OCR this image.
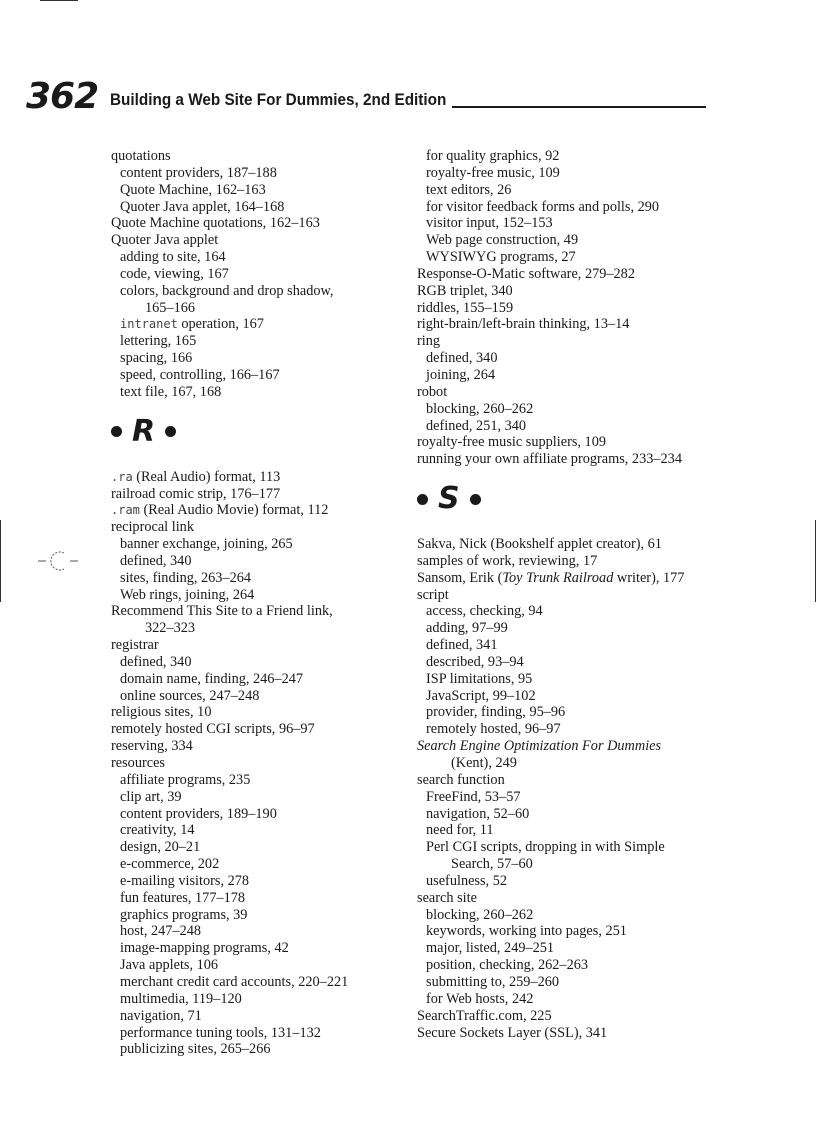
362 Building a Web Site For Dummies, 2nd Edition
quotations
content providers, 187–188
Quote Machine, 162–163
Quoter Java applet, 164–168
Quote Machine quotations, 162–163
Quoter Java applet
adding to site, 164
code, viewing, 167
colors, background and drop shadow,
165–166
intranet operation, 167
lettering, 165
spacing, 166
speed, controlling, 166–167
text file, 167, 168
R
.ra (Real Audio) format, 113
railroad comic strip, 176–177
.ram (Real Audio Movie) format, 112
reciprocal link
banner exchange, joining, 265
defined, 340
sites, finding, 263–264
Web rings, joining, 264
Recommend This Site to a Friend link,
322–323
registrar
defined, 340
domain name, finding, 246–247
online sources, 247–248
religious sites, 10
remotely hosted CGI scripts, 96–97
reserving, 334
resources
affiliate programs, 235
clip art, 39
content providers, 189–190
creativity, 14
design, 20–21
e-commerce, 202
e-mailing visitors, 278
fun features, 177–178
graphics programs, 39
host, 247–248
image-mapping programs, 42
Java applets, 106
merchant credit card accounts, 220–221
multimedia, 119–120
navigation, 71
performance tuning tools, 131–132
publicizing sites, 265–266
for quality graphics, 92
royalty-free music, 109
text editors, 26
for visitor feedback forms and polls, 290
visitor input, 152–153
Web page construction, 49
WYSIWYG programs, 27
Response-O-Matic software, 279–282
RGB triplet, 340
riddles, 155–159
right-brain/left-brain thinking, 13–14
ring
defined, 340
joining, 264
robot
blocking, 260–262
defined, 251, 340
royalty-free music suppliers, 109
running your own affiliate programs, 233–234
S
Sakva, Nick (Bookshelf applet creator), 61
samples of work, reviewing, 17
Sansom, Erik (Toy Trunk Railroad writer), 177
script
access, checking, 94
adding, 97–99
defined, 341
described, 93–94
ISP limitations, 95
JavaScript, 99–102
provider, finding, 95–96
remotely hosted, 96–97
Search Engine Optimization For Dummies
(Kent), 249
search function
FreeFind, 53–57
navigation, 52–60
need for, 11
Perl CGI scripts, dropping in with Simple
Search, 57–60
usefulness, 52
search site
blocking, 260–262
keywords, working into pages, 251
major, listed, 249–251
position, checking, 262–263
submitting to, 259–260
for Web hosts, 242
SearchTraffic.com, 225
Secure Sockets Layer (SSL), 341
